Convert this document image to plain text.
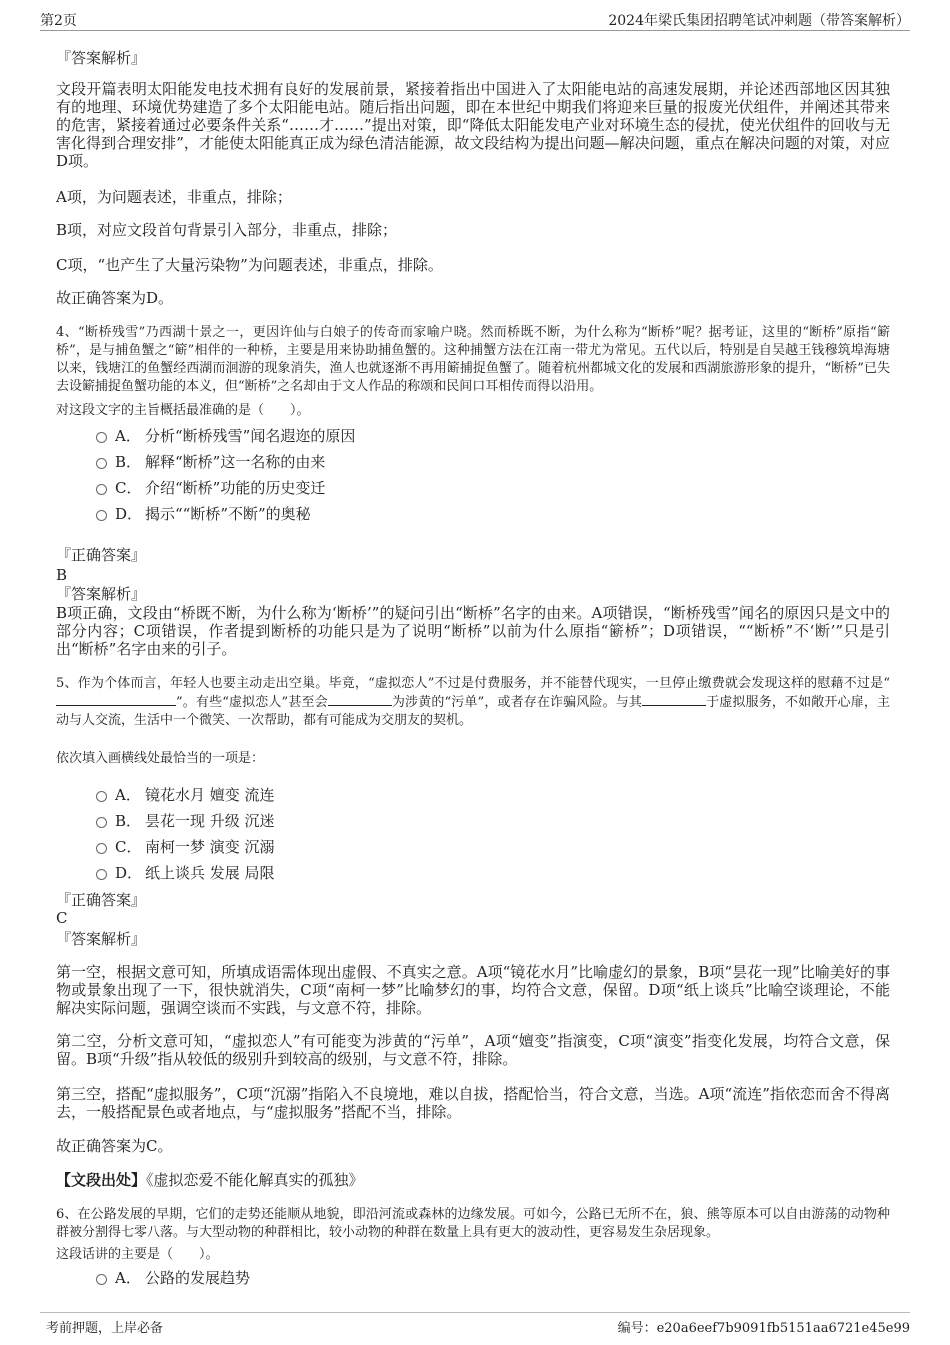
第2页	2024年梁氏集团招聘笔试冲刺题（带答案解析）
『答案解析』
文段开篇表明太阳能发电技术拥有良好的发展前景，紧接着指出中国进入了太阳能电站的高速发展期，并论述西部地区因其独有的地理、环境优势建造了多个太阳能电站。随后指出问题，即在本世纪中期我们将迎来巨量的报废光伏组件，并阐述其带来的危害，紧接着通过必要条件关系“……才……”提出对策，即“降低太阳能发电产业对环境生态的侵扰，使光伏组件的回收与无害化得到合理安排”，才能使太阳能真正成为绿色清洁能源，故文段结构为提出问题—解决问题，重点在解决问题的对策，对应D项。
A项，为问题表述，非重点，排除；
B项，对应文段首句背景引入部分，非重点，排除；
C项，“也产生了大量污染物”为问题表述，非重点，排除。
故正确答案为D。
4、“断桥残雪”乃西湖十景之一，更因许仙与白娘子的传奇而家喻户晓。然而桥既不断，为什么称为“断桥”呢？据考证，这里的“断桥”原指“簖桥”，是与捕鱼蟹之“簖”相伴的一种桥，主要是用来协助捕鱼蟹的。这种捕蟹方法在江南一带尤为常见。五代以后，特别是自吴越王钱穆筑埠海塘以来，钱塘江的鱼蟹经西湖而洄游的现象消失，渔人也就逐渐不再用簖捕捉鱼蟹了。随着杭州都城文化的发展和西湖旅游形象的提升，“断桥”已失去设簖捕捉鱼蟹功能的本义，但“断桥”之名却由于文人作品的称颂和民间口耳相传而得以沿用。
对这段文字的主旨概括最准确的是（　　）。
A． 分析“断桥残雪”闻名遐迩的原因
B． 解释“断桥”这一名称的由来
C． 介绍“断桥”功能的历史变迁
D． 揭示““断桥”不断”的奥秘
『正确答案』
B
『答案解析』
B项正确，文段由“桥既不断，为什么称为‘断桥’”的疑问引出“断桥”名字的由来。A项错误，“断桥残雪”闻名的原因只是文中的部分内容；C项错误，作者提到断桥的功能只是为了说明“断桥”以前为什么原指“簖桥”；D项错误，““断桥”不‘断’”只是引出“断桥”名字由来的引子。
5、作为个体而言，年轻人也要主动走出空巢。毕竟，“虚拟恋人”不过是付费服务，并不能替代现实，一旦停止缴费就会发现这样的慰藉不过是“”。有些“虚拟恋人”甚至会	为涉黄的“污单”，或者存在诈骗风险。与其	于虚拟服务，不如敞开心扉，主动与人交流，生活中一个微笑、一次帮助，都有可能成为交朋友的契机。
依次填入画横线处最恰当的一项是：
A． 镜花水月 嬗变 流连
B． 昙花一现 升级 沉迷
C． 南柯一梦 演变 沉溺
D． 纸上谈兵 发展 局限
『正确答案』
C
『答案解析』
第一空，根据文意可知，所填成语需体现出虚假、不真实之意。A项“镜花水月”比喻虚幻的景象，B项“昙花一现”比喻美好的事物或景象出现了一下，很快就消失，C项“南柯一梦”比喻梦幻的事，均符合文意，保留。D项“纸上谈兵”比喻空谈理论，不能解决实际问题，强调空谈而不实践，与文意不符，排除。
第二空，分析文意可知，“虚拟恋人”有可能变为涉黄的“污单”，A项“嬗变”指演变，C项“演变”指变化发展，均符合文意，保留。B项“升级”指从较低的级别升到较高的级别，与文意不符，排除。
第三空，搭配“虚拟服务”，C项“沉溺”指陷入不良境地，难以自拔，搭配恰当，符合文意，当选。A项“流连”指依恋而舍不得离去，一般搭配景色或者地点，与“虚拟服务”搭配不当，排除。
故正确答案为C。
【文段出处】《虚拟恋爱不能化解真实的孤独》
6、在公路发展的早期，它们的走势还能顺从地貌，即沿河流或森林的边缘发展。可如今，公路已无所不在，狼、熊等原本可以自由游荡的动物种群被分割得七零八落。与大型动物的种群相比，较小动物的种群在数量上具有更大的波动性，更容易发生杂居现象。
这段话讲的主要是（　　）。
A． 公路的发展趋势
考前押题，上岸必备	编号：e20a6eef7b9091fb5151aa6721e45e99
